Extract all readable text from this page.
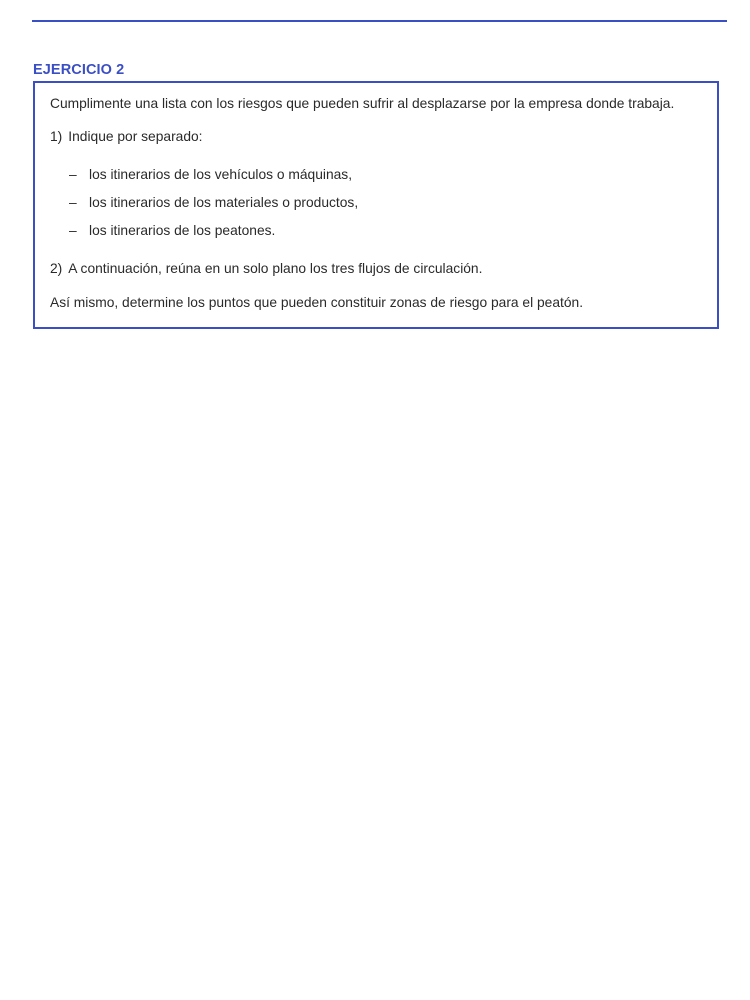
EJERCICIO 2

Cumplimente una lista con los riesgos que pueden sufrir al desplazarse por la empresa donde trabaja.

1) Indique por separado:

– los itinerarios de los vehículos o máquinas,
– los itinerarios de los materiales o productos,
– los itinerarios de los peatones.

2) A continuación, reúna en un solo plano los tres flujos de circulación.

Así mismo, determine los puntos que pueden constituir zonas de riesgo para el peatón.
